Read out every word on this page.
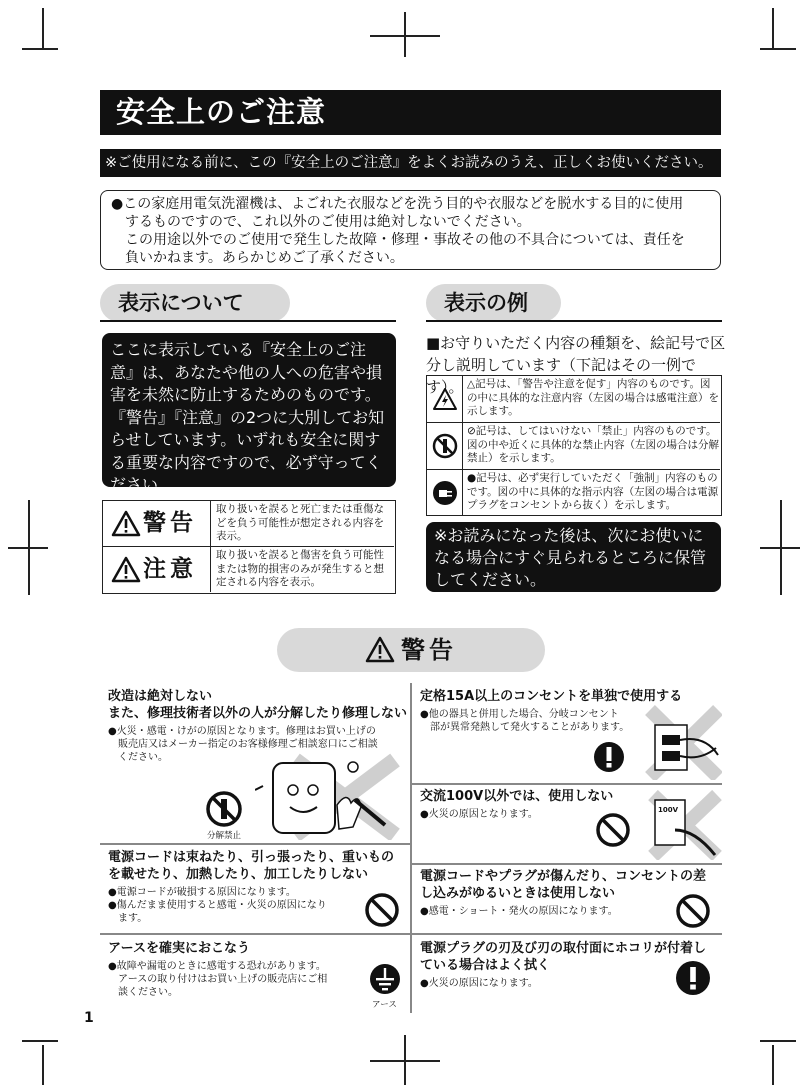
安全上のご注意
※ご使用になる前に、この『安全上のご注意』をよくお読みのうえ、正しくお使いください。

●この家庭用電気洗濯機は、よごれた衣服などを洗う目的や衣服などを脱水する目的に使用

するものですので、これ以外のご使用は絶対しないでください。

この用途以外でのご使用で発生した故障・修理・事故その他の不具合については、責任を

負いかねます。あらかじめご了承ください。

表示について
ここに表示している『安全上のご注意』は、あなたや他の人への危害や損害を未然に防止するためのものです。『警告』『注意』の2つに大別してお知らせしています。いずれも安全に関する重要な内容ですので、必ず守ってください。
警告
取り扱いを誤ると死亡または重傷などを負う可能性が想定される内容を表示。
注意
取り扱いを誤ると傷害を負う可能性または物的損害のみが発生すると想定される内容を表示。
表示の例
■お守りいただく内容の種類を、絵記号で区分し説明しています（下記はその一例です）。 △記号は、「警告や注意を促す」内容のものです。図の中に具体的な注意内容（左図の場合は感電注意）を示します。
⊘記号は、してはいけない「禁止」内容のものです。図の中や近くに具体的な禁止内容（左図の場合は分解禁止）を示します。
●記号は、必ず実行していただく「強制」内容のものです。図の中に具体的な指示内容（左図の場合は電源プラグをコンセントから抜く）を示します。
※お読みになった後は、次にお使いになる場合にすぐ見られるところに保管してください。
警告
改造は絶対しない
また、修理技術者以外の人が分解したり修理しない

●火災・感電・けがの原因となります。修理はお買い上げの

販売店又はメーカー指定のお客様修理ご相談窓口にご相談

ください。

分解禁止
定格15A以上のコンセントを単独で使用する

●他の器具と併用した場合、分岐コンセント

部が異常発熱して発火することがあります。

交流100V以外では、使用しない

●火災の原因となります。	100V
電源コードは束ねたり、引っ張ったり、重いもの
を載せたり、加熱したり、加工したりしない

●電源コードが破損する原因になります。

●傷んだまま使用すると感電・火災の原因になり

ます。

電源コードやプラグが傷んだり、コンセントの差
し込みがゆるいときは使用しない

●感電・ショート・発火の原因になります。

アースを確実におこなう

●故障や漏電のときに感電する恐れがあります。

アースの取り付けはお買い上げの販売店にご相

談ください。

アース
電源プラグの刃及び刃の取付面にホコリが付着し
ている場合はよく拭く

●火災の原因になります。

1
